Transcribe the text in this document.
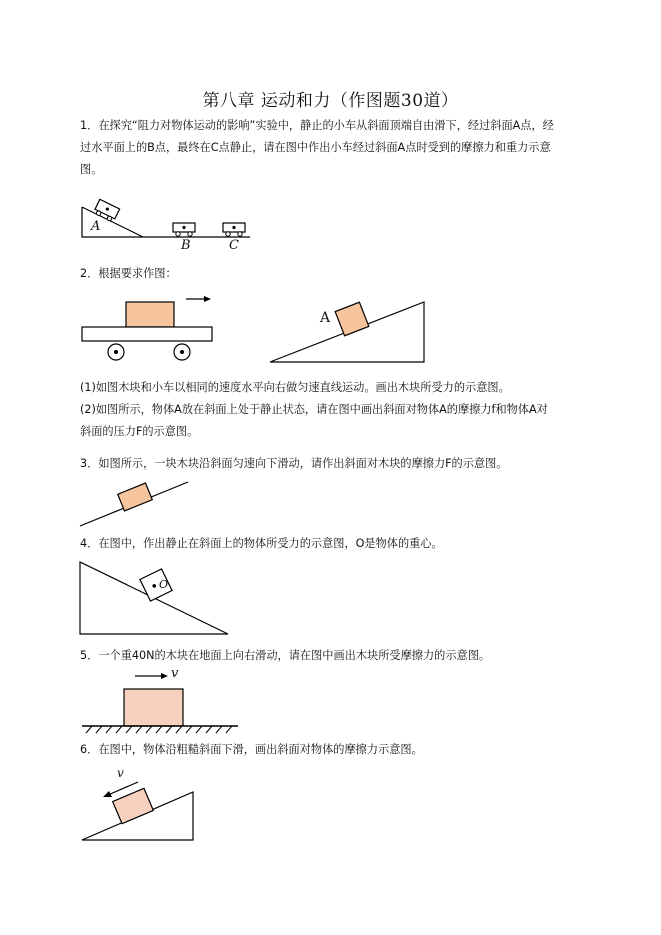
第八章 运动和力（作图题30道）
1．在探究“阻力对物体运动的影响”实验中，静止的小车从斜面顶端自由滑下，经过斜面A点，经
过水平面上的B点，最终在C点静止，请在图中作出小车经过斜面A点时受到的摩擦力和重力示意
图。
A
B	C
2．根据要求作图：
A
(1)如图木块和小车以相同的速度水平向右做匀速直线运动。画出木块所受力的示意图。
(2)如图所示，物体A放在斜面上处于静止状态，请在图中画出斜面对物体A的摩擦力f和物体A对
斜面的压力F的示意图。
3．如图所示，一块木块沿斜面匀速向下滑动，请作出斜面对木块的摩擦力F的示意图。
4．在图中，作出静止在斜面上的物体所受力的示意图，O是物体的重心。
O
5．一个重40N的木块在地面上向右滑动，请在图中画出木块所受摩擦力的示意图。
v
6．在图中，物体沿粗糙斜面下滑，画出斜面对物体的摩擦力示意图。
v
